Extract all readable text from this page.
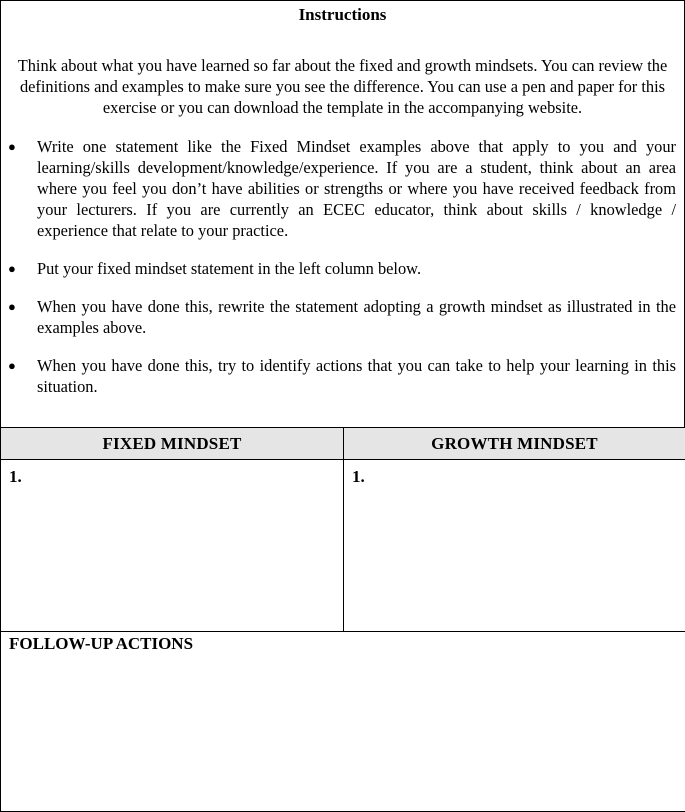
Instructions
Think about what you have learned so far about the fixed and growth mindsets. You can review the definitions and examples to make sure you see the difference. You can use a pen and paper for this exercise or you can download the template in the accompanying website.
● Write one statement like the Fixed Mindset examples above that apply to you and your learning/skills development/knowledge/experience. If you are a student, think about an area where you feel you don’t have abilities or strengths or where you have received feedback from your lecturers. If you are currently an ECEC educator, think about skills / knowledge / experience that relate to your practice.
● Put your fixed mindset statement in the left column below.
● When you have done this, rewrite the statement adopting a growth mindset as illustrated in the examples above.
● When you have done this, try to identify actions that you can take to help your learning in this situation.
FIXED MINDSET	GROWTH MINDSET
1.	1.
FOLLOW-UP ACTIONS	
